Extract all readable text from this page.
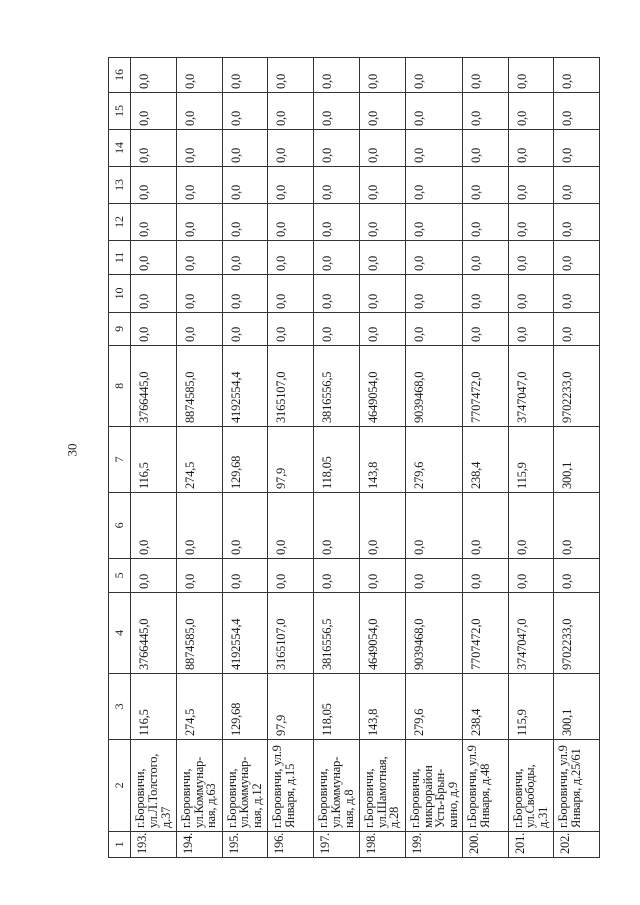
30
1	2	3	4	5	6	7	8	9	10	11	12	13	14	15	16
193.	г.Боровичи, ул.Л.Толстого, д.37	116,5	3766445,0	0,0	0,0	116,5	3766445,0	0,0	0,0	0,0	0,0	0,0	0,0	0,0	0,0
194.	г.Боровичи, ул.Коммунар-ная, д.63	274,5	8874585,0	0,0	0,0	274,5	8874585,0	0,0	0,0	0,0	0,0	0,0	0,0	0,0	0,0
195.	г.Боровичи, ул.Коммунар-ная, д.12	129,68	4192554,4	0,0	0,0	129,68	4192554,4	0,0	0,0	0,0	0,0	0,0	0,0	0,0	0,0
196.	г.Боровичи, ул.9 Января, д.15	97,9	3165107,0	0,0	0,0	97,9	3165107,0	0,0	0,0	0,0	0,0	0,0	0,0	0,0	0,0
197.	г.Боровичи, ул.Коммунар-ная, д.8	118,05	3816556,5	0,0	0,0	118,05	3816556,5	0,0	0,0	0,0	0,0	0,0	0,0	0,0	0,0
198.	г.Боровичи, ул.Шамотная, д.28	143,8	4649054,0	0,0	0,0	143,8	4649054,0	0,0	0,0	0,0	0,0	0,0	0,0	0,0	0,0
199.	г.Боровичи, микрорайон Усть-Брын-кино, д.9	279,6	9039468,0	0,0	0,0	279,6	9039468,0	0,0	0,0	0,0	0,0	0,0	0,0	0,0	0,0
200.	г.Боровичи, ул.9 Января, д.48	238,4	7707472,0	0,0	0,0	238,4	7707472,0	0,0	0,0	0,0	0,0	0,0	0,0	0,0	0,0
201.	г.Боровичи, ул.Свободы, д.31	115,9	3747047,0	0,0	0,0	115,9	3747047,0	0,0	0,0	0,0	0,0	0,0	0,0	0,0	0,0
202.	г.Боровичи, ул.9 Января, д.25/61	300,1	9702233,0	0,0	0,0	300,1	9702233,0	0,0	0,0	0,0	0,0	0,0	0,0	0,0	0,0
